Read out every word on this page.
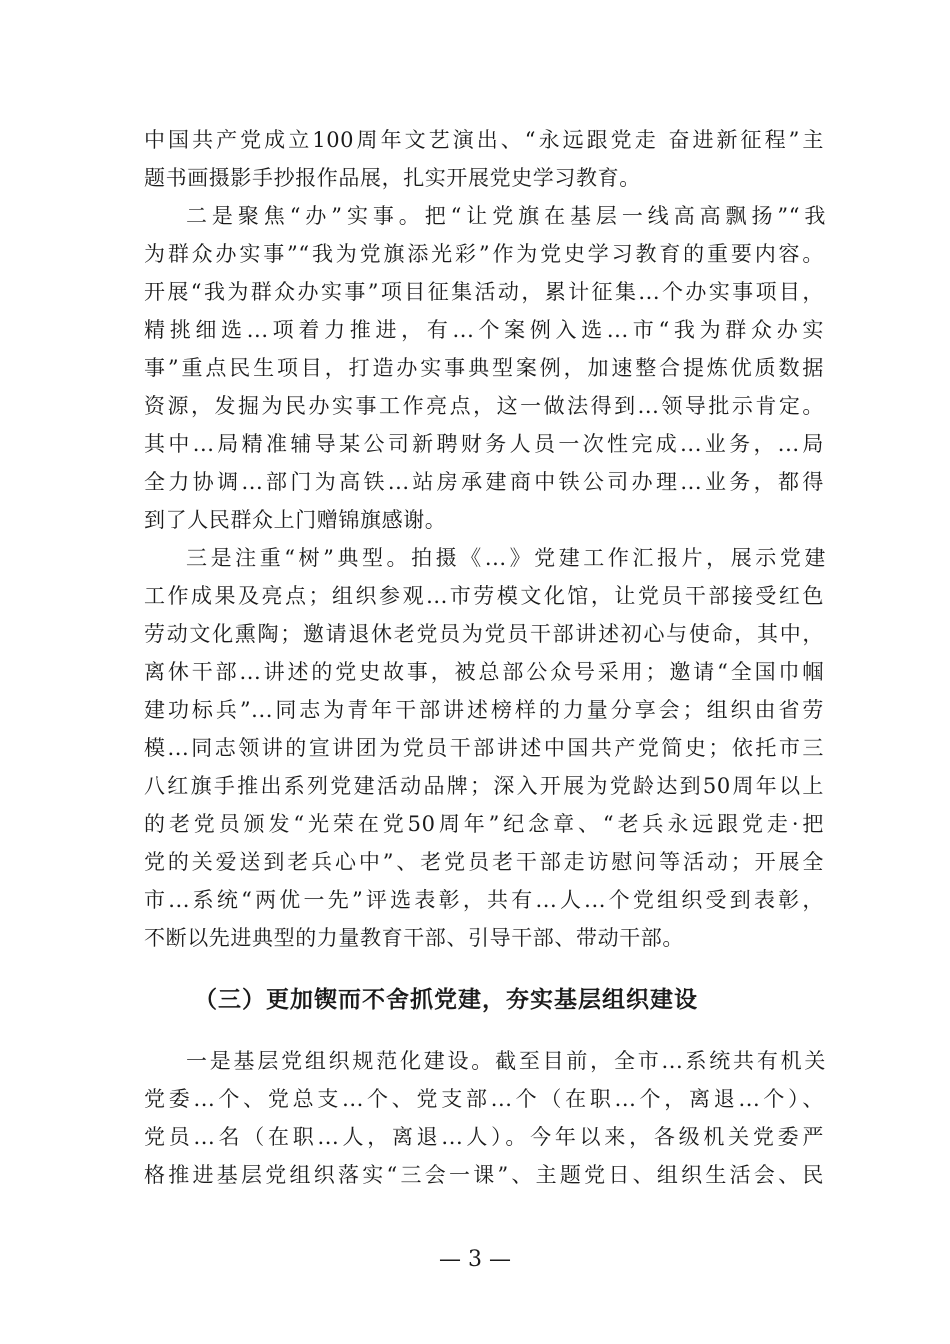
中国共产党成立100周年文艺演出、“永远跟党走 奋进新征程”主
题书画摄影手抄报作品展，扎实开展党史学习教育。
二是聚焦“办”实事。把“让党旗在基层一线高高飘扬”“我
为群众办实事”“我为党旗添光彩”作为党史学习教育的重要内容。
开展“我为群众办实事”项目征集活动，累计征集...个办实事项目，
精挑细选...项着力推进，有...个案例入选...市“我为群众办实
事”重点民生项目，打造办实事典型案例，加速整合提炼优质数据
资源，发掘为民办实事工作亮点，这一做法得到...领导批示肯定。
其中...局精准辅导某公司新聘财务人员一次性完成...业务，...局
全力协调...部门为高铁...站房承建商中铁公司办理...业务，都得
到了人民群众上门赠锦旗感谢。
三是注重“树”典型。拍摄《...》党建工作汇报片，展示党建
工作成果及亮点；组织参观...市劳模文化馆，让党员干部接受红色
劳动文化熏陶；邀请退休老党员为党员干部讲述初心与使命，其中，
离休干部...讲述的党史故事，被总部公众号采用；邀请“全国巾帼
建功标兵”...同志为青年干部讲述榜样的力量分享会；组织由省劳
模...同志领讲的宣讲团为党员干部讲述中国共产党简史；依托市三
八红旗手推出系列党建活动品牌；深入开展为党龄达到50周年以上
的老党员颁发“光荣在党50周年”纪念章、“老兵永远跟党走·把
党的关爱送到老兵心中”、老党员老干部走访慰问等活动；开展全
市...系统“两优一先”评选表彰，共有...人...个党组织受到表彰，
不断以先进典型的力量教育干部、引导干部、带动干部。
（三）更加锲而不舍抓党建，夯实基层组织建设
一是基层党组织规范化建设。截至目前，全市...系统共有机关
党委...个、党总支...个、党支部...个（在职...个，离退...个）、
党员...名（在职...人，离退...人）。今年以来，各级机关党委严
格推进基层党组织落实“三会一课”、主题党日、组织生活会、民
— 3 —
